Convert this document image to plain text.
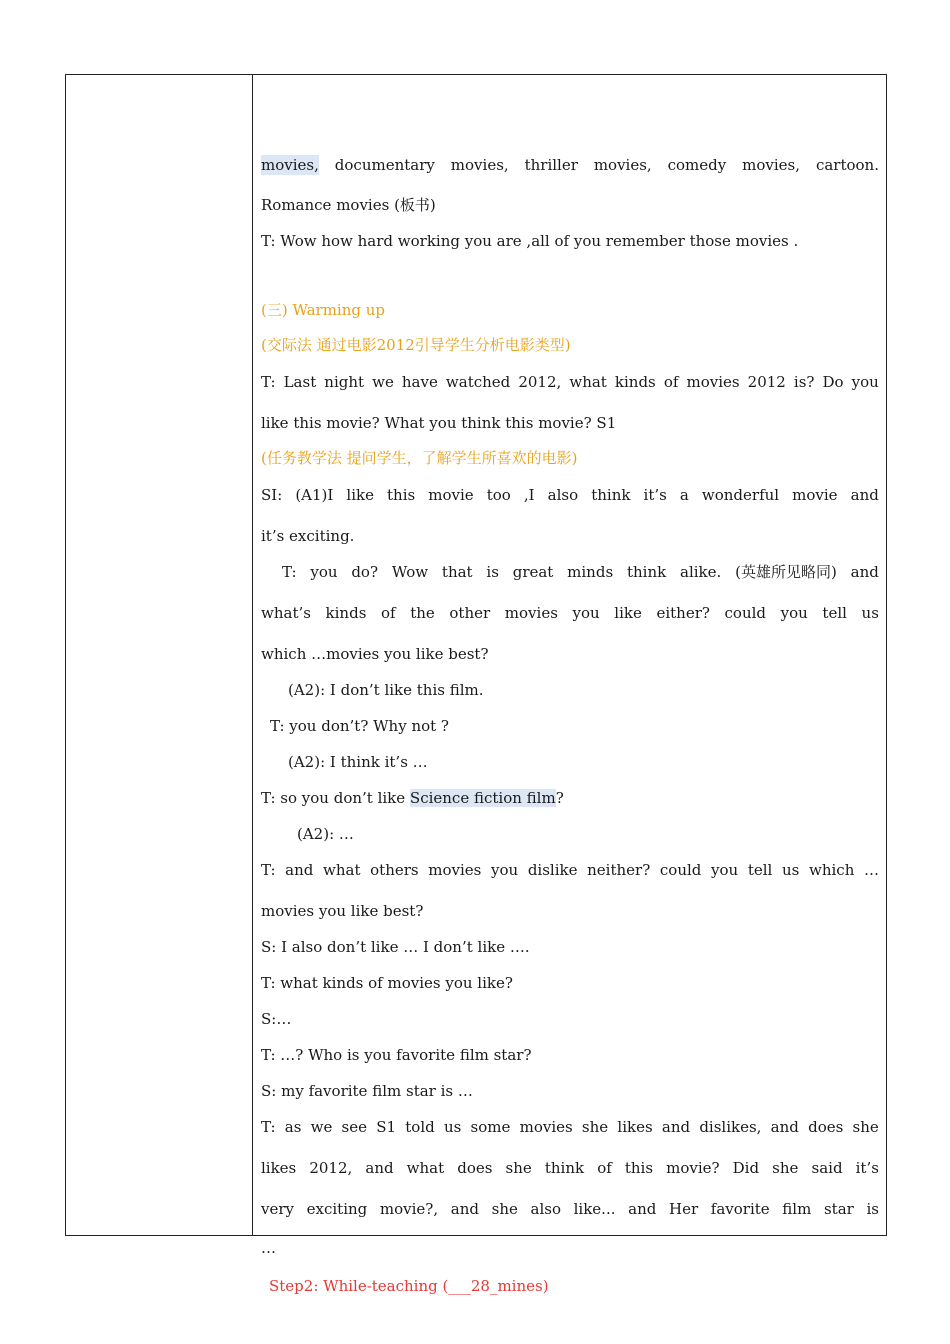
movies, documentary movies, thriller movies, comedy movies, cartoon.
Romance movies (板书)
T: Wow how hard working you are ,all of you remember those movies .
(三) Warming up
(交际法 通过电影2012引导学生分析电影类型)
T: Last night we have watched 2012, what kinds of movies 2012 is? Do you
like this movie? What you think this movie? S1
(任务教学法 提问学生，了解学生所喜欢的电影)
SI: (A1)I like this movie too ,I also think it’s a wonderful movie and
it’s exciting.
T: you do? Wow that is great minds think alike. (英雄所见略同) and
what’s kinds of the other movies you like either? could you tell us
which …movies you like best?
(A2): I don’t like this film.
T: you don’t? Why not ?
(A2): I think it’s …
T: so you don’t like Science fiction film?
(A2): …
T: and what others movies you dislike neither? could you tell us which …
movies you like best?
S: I also don’t like … I don’t like ….
T: what kinds of movies you like?
S:…
T: …? Who is you favorite film star?
S: my favorite film star is …
T: as we see S1 told us some movies she likes and dislikes, and does she
likes 2012, and what does she think of this movie? Did she said it’s
very exciting movie?, and she also like... and Her favorite film star is
…
Step2: While-teaching (___28_mines)
